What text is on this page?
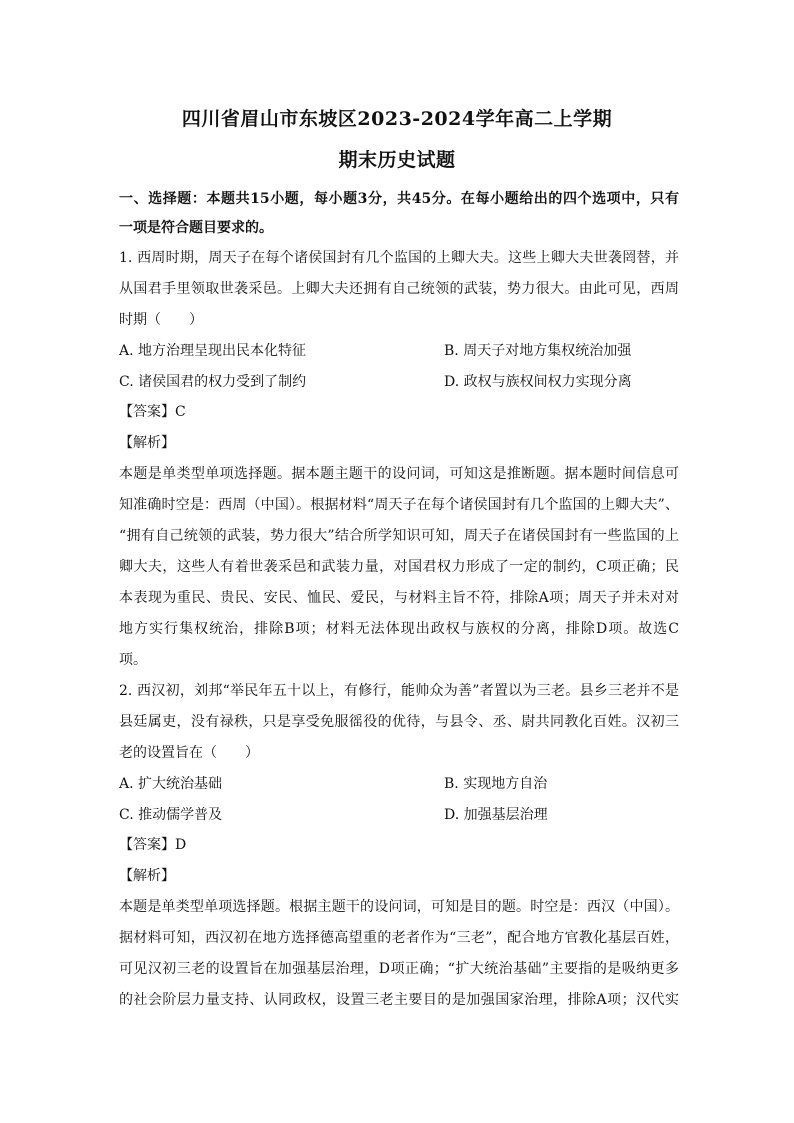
四川省眉山市东坡区2023-2024学年高二上学期
期末历史试题
一、选择题：本题共15小题，每小题3分，共45分。在每小题给出的四个选项中，只有
一项是符合题目要求的。
1. 西周时期，周天子在每个诸侯国封有几个监国的上卿大夫。这些上卿大夫世袭罔替，并
从国君手里领取世袭采邑。上卿大夫还拥有自己统领的武装，势力很大。由此可见，西周
时期（　　）
A. 地方治理呈现出民本化特征	B. 周天子对地方集权统治加强
C. 诸侯国君的权力受到了制约	D. 政权与族权间权力实现分离
【答案】C
【解析】
本题是单类型单项选择题。据本题主题干的设问词，可知这是推断题。据本题时间信息可
知准确时空是：西周（中国）。根据材料“周天子在每个诸侯国封有几个监国的上卿大夫”、
“拥有自己统领的武装，势力很大”结合所学知识可知，周天子在诸侯国封有一些监国的上
卿大夫，这些人有着世袭采邑和武装力量，对国君权力形成了一定的制约，C项正确；民
本表现为重民、贵民、安民、恤民、爱民，与材料主旨不符，排除A项；周天子并未对对
地方实行集权统治，排除B项；材料无法体现出政权与族权的分离，排除D项。故选C
项。
2. 西汉初，刘邦“举民年五十以上，有修行，能帅众为善”者置以为三老。县乡三老并不是
县廷属吏，没有禄秩，只是享受免服徭役的优待，与县令、丞、尉共同教化百姓。汉初三
老的设置旨在（　　）
A. 扩大统治基础	B. 实现地方自治
C. 推动儒学普及	D. 加强基层治理
【答案】D
【解析】
本题是单类型单项选择题。根据主题干的设问词，可知是目的题。时空是：西汉（中国）。
据材料可知，西汉初在地方选择德高望重的老者作为“三老”，配合地方官教化基层百姓，
可见汉初三老的设置旨在加强基层治理，D项正确；“扩大统治基础”主要指的是吸纳更多
的社会阶层力量支持、认同政权，设置三老主要目的是加强国家治理，排除A项；汉代实
